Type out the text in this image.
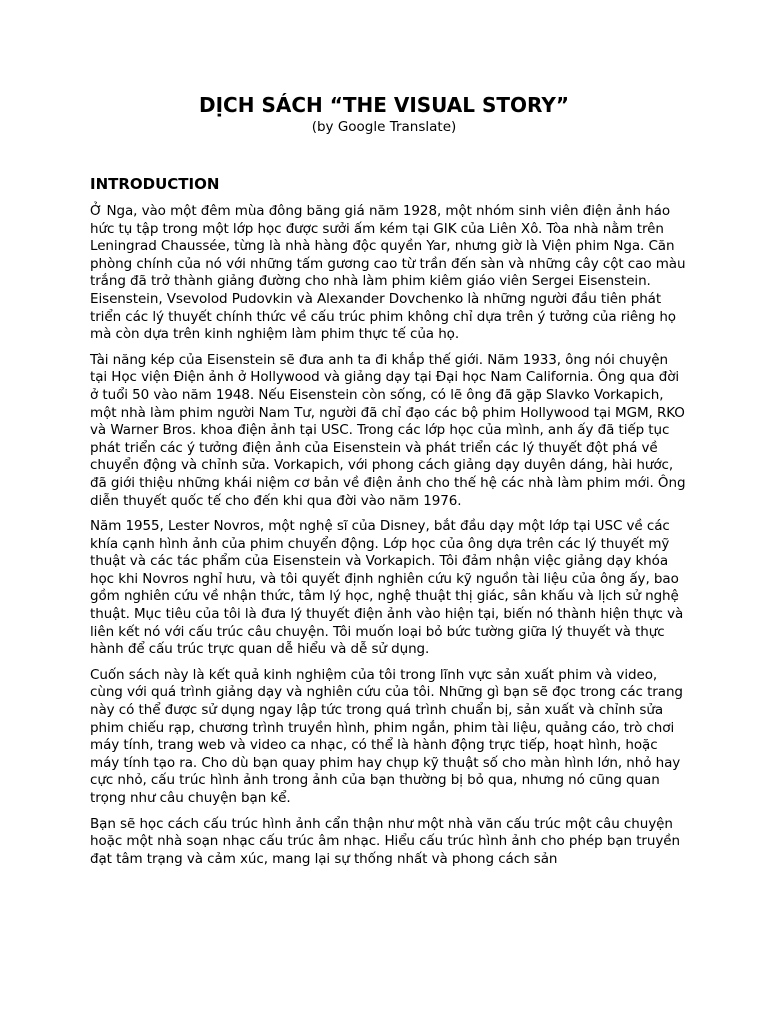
DỊCH SÁCH “THE VISUAL STORY”

(by Google Translate)

INTRODUCTION

Ở Nga, vào một đêm mùa đông băng giá năm 1928, một nhóm sinh viên điện ảnh háo hức tụ tập trong một lớp học được sưởi ấm kém tại GIK của Liên Xô. Tòa nhà nằm trên Leningrad Chaussée, từng là nhà hàng độc quyền Yar, nhưng giờ là Viện phim Nga. Căn phòng chính của nó với những tấm gương cao từ trần đến sàn và những cây cột cao màu trắng đã trở thành giảng đường cho nhà làm phim kiêm giáo viên Sergei Eisenstein. Eisenstein, Vsevolod Pudovkin và Alexander Dovchenko là những người đầu tiên phát triển các lý thuyết chính thức về cấu trúc phim không chỉ dựa trên ý tưởng của riêng họ mà còn dựa trên kinh nghiệm làm phim thực tế của họ.

Tài năng kép của Eisenstein sẽ đưa anh ta đi khắp thế giới. Năm 1933, ông nói chuyện tại Học viện Điện ảnh ở Hollywood và giảng dạy tại Đại học Nam California. Ông qua đời ở tuổi 50 vào năm 1948. Nếu Eisenstein còn sống, có lẽ ông đã gặp Slavko Vorkapich, một nhà làm phim người Nam Tư, người đã chỉ đạo các bộ phim Hollywood tại MGM, RKO và Warner Bros. khoa điện ảnh tại USC. Trong các lớp học của mình, anh ấy đã tiếp tục phát triển các ý tưởng điện ảnh của Eisenstein và phát triển các lý thuyết đột phá về chuyển động và chỉnh sửa. Vorkapich, với phong cách giảng dạy duyên dáng, hài hước, đã giới thiệu những khái niệm cơ bản về điện ảnh cho thế hệ các nhà làm phim mới. Ông diễn thuyết quốc tế cho đến khi qua đời vào năm 1976.

Năm 1955, Lester Novros, một nghệ sĩ của Disney, bắt đầu dạy một lớp tại USC về các khía cạnh hình ảnh của phim chuyển động. Lớp học của ông dựa trên các lý thuyết mỹ thuật và các tác phẩm của Eisenstein và Vorkapich. Tôi đảm nhận việc giảng dạy khóa học khi Novros nghỉ hưu, và tôi quyết định nghiên cứu kỹ nguồn tài liệu của ông ấy, bao gồm nghiên cứu về nhận thức, tâm lý học, nghệ thuật thị giác, sân khấu và lịch sử nghệ thuật. Mục tiêu của tôi là đưa lý thuyết điện ảnh vào hiện tại, biến nó thành hiện thực và liên kết nó với cấu trúc câu chuyện. Tôi muốn loại bỏ bức tường giữa lý thuyết và thực hành để cấu trúc trực quan dễ hiểu và dễ sử dụng.

Cuốn sách này là kết quả kinh nghiệm của tôi trong lĩnh vực sản xuất phim và video, cùng với quá trình giảng dạy và nghiên cứu của tôi. Những gì bạn sẽ đọc trong các trang này có thể được sử dụng ngay lập tức trong quá trình chuẩn bị, sản xuất và chỉnh sửa phim chiếu rạp, chương trình truyền hình, phim ngắn, phim tài liệu, quảng cáo, trò chơi máy tính, trang web và video ca nhạc, có thể là hành động trực tiếp, hoạt hình, hoặc máy tính tạo ra. Cho dù bạn quay phim hay chụp kỹ thuật số cho màn hình lớn, nhỏ hay cực nhỏ, cấu trúc hình ảnh trong ảnh của bạn thường bị bỏ qua, nhưng nó cũng quan trọng như câu chuyện bạn kể.

Bạn sẽ học cách cấu trúc hình ảnh cẩn thận như một nhà văn cấu trúc một câu chuyện hoặc một nhà soạn nhạc cấu trúc âm nhạc. Hiểu cấu trúc hình ảnh cho phép bạn truyền đạt tâm trạng và cảm xúc, mang lại sự thống nhất và phong cách sản
